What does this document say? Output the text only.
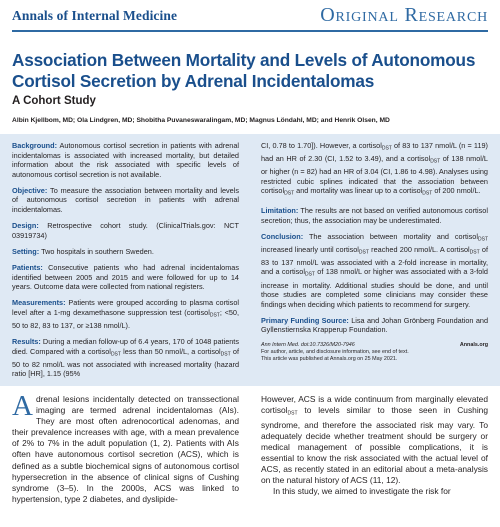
Annals of Internal Medicine	Original Research
Association Between Mortality and Levels of Autonomous Cortisol Secretion by Adrenal Incidentalomas
A Cohort Study
Albin Kjellbom, MD; Ola Lindgren, MD; Shobitha Puvaneswaralingam, MD; Magnus Löndahl, MD; and Henrik Olsen, MD

Background: Autonomous cortisol secretion in patients with adrenal incidentalomas is associated with increased mortality, but detailed information about the risk associated with specific levels of autonomous cortisol secretion is not available.

Objective: To measure the association between mortality and levels of autonomous cortisol secretion in patients with adrenal incidentalomas.

Design: Retrospective cohort study. (ClinicalTrials.gov: NCT 03919734)

Setting: Two hospitals in southern Sweden.

Patients: Consecutive patients who had adrenal incidentalomas identified between 2005 and 2015 and were followed for up to 14 years. Outcome data were collected from national registers.

Measurements: Patients were grouped according to plasma cortisol level after a 1-mg dexamethasone suppression test (cortisol$_{DST}$; <50, 50 to 82, 83 to 137, or ≥138 nmol/L).

Results: During a median follow-up of 6.4 years, 170 of 1048 patients died. Compared with a cortisol$_{DST}$ less than 50 nmol/L, a cortisol$_{DST}$ of 50 to 82 nmol/L was not associated with increased mortality (hazard ratio [HR], 1.15 (95%

CI, 0.78 to 1.70]). However, a cortisol$_{DST}$ of 83 to 137 nmol/L (n = 119) had an HR of 2.30 (CI, 1.52 to 3.49), and a cortisol$_{DST}$ of 138 nmol/L or higher (n = 82) had an HR of 3.04 (CI, 1.86 to 4.98). Analyses using restricted cubic splines indicated that the association between cortisol$_{DST}$ and mortality was linear up to a cortisol$_{DST}$ of 200 nmol/L.

Limitation: The results are not based on verified autonomous cortisol secretion; thus, the association may be underestimated.

Conclusion: The association between mortality and cortisol$_{DST}$ increased linearly until cortisol$_{DST}$ reached 200 nmol/L. A cortisol$_{DST}$ of 83 to 137 nmol/L was associated with a 2-fold increase in mortality, and a cortisol$_{DST}$ of 138 nmol/L or higher was associated with a 3-fold increase in mortality. Additional studies should be done, and until those studies are completed some clinicians may consider these findings when deciding which patients to recommend for surgery.

Primary Funding Source: Lisa and Johan Grönberg Foundation and Gyllenstiernska Krapperup Foundation.

Ann Intern Med. doi:10.7326/M20-7946	Annals.org
For author, article, and disclosure information, see end of text.
This article was published at Annals.org on 25 May 2021.
Adrenal lesions incidentally detected on transsectional imaging are termed adrenal incidentalomas (AIs). They are most often adrenocortical adenomas, and their prevalence increases with age, with a mean prevalence of 2% to 7% in the adult population (1, 2). Patients with AIs often have autonomous cortisol secretion (ACS), which is defined as a subtle biochemical signs of autonomous cortisol hypersecretion in the absence of clinical signs of Cushing syndrome (3–5). In the 2000s, ACS was linked to hypertension, type 2 diabetes, and dyslipide-
However, ACS is a wide continuum from marginally elevated cortisol$_{DST}$ to levels similar to those seen in Cushing syndrome, and therefore the associated risk may vary. To adequately decide whether treatment should be surgery or medical management of possible complications, it is essential to know the risk associated with the actual level of ACS, as recently stated in an editorial about a meta-analysis on the natural history of ACS (11, 12).
In this study, we aimed to investigate the risk for
